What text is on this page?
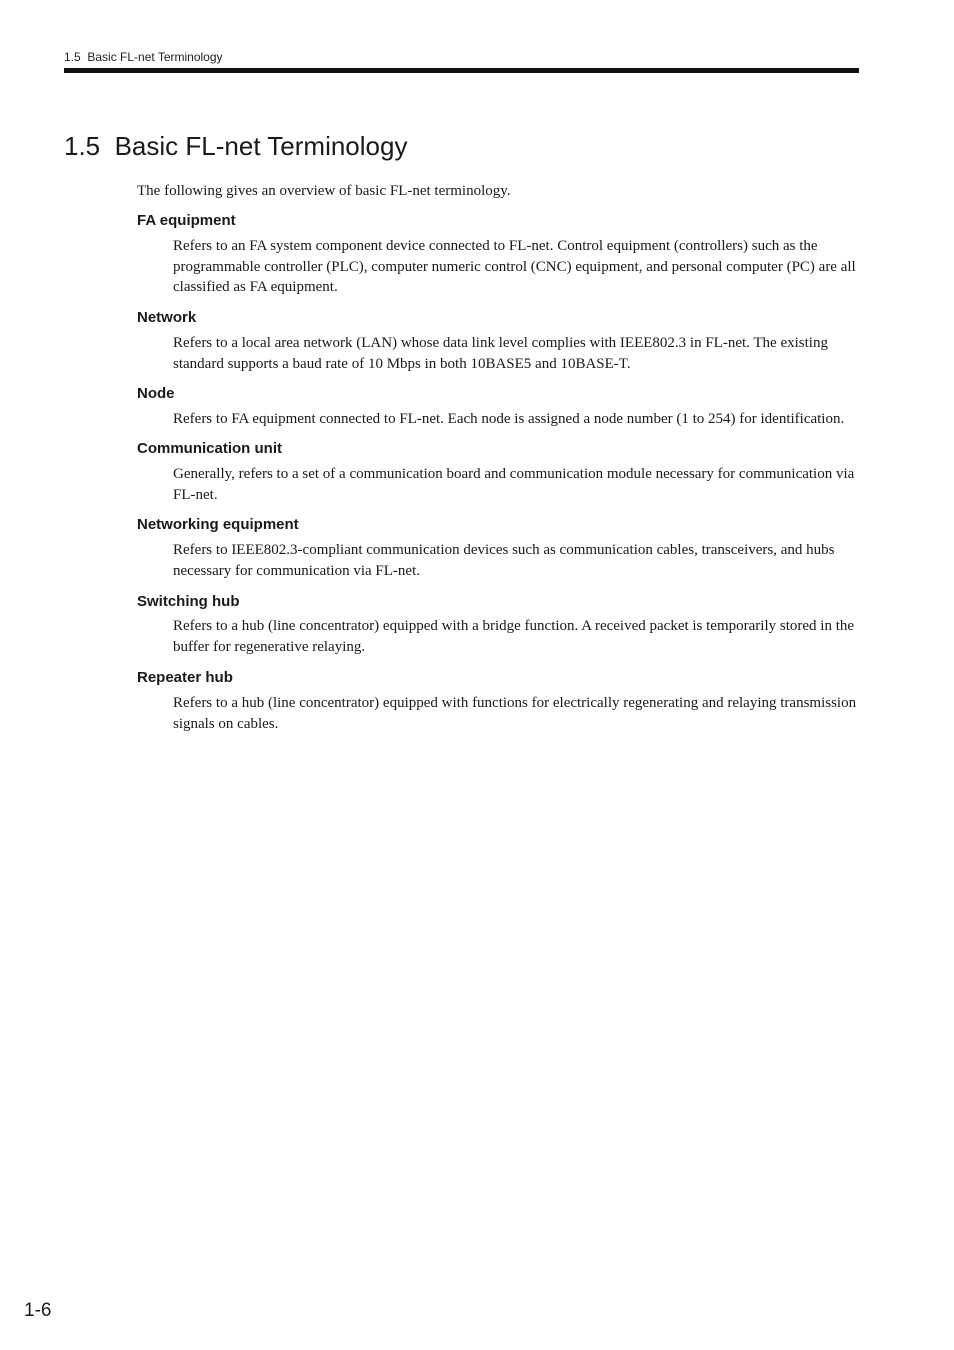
1.5  Basic FL-net Terminology
1.5  Basic FL-net Terminology

The following gives an overview of basic FL-net terminology.

FA equipment

Refers to an FA system component device connected to FL-net. Control equipment (controllers) such as the programmable controller (PLC), computer numeric control (CNC) equipment, and personal computer (PC) are all classified as FA equipment.

Network

Refers to a local area network (LAN) whose data link level complies with IEEE802.3 in FL-net. The existing standard supports a baud rate of 10 Mbps in both 10BASE5 and 10BASE-T.

Node

Refers to FA equipment connected to FL-net. Each node is assigned a node number (1 to 254) for identification.

Communication unit

Generally, refers to a set of a communication board and communication module necessary for communication via FL-net.

Networking equipment

Refers to IEEE802.3-compliant communication devices such as communication cables, transceivers, and hubs necessary for communication via FL-net.

Switching hub

Refers to a hub (line concentrator) equipped with a bridge function. A received packet is temporarily stored in the buffer for regenerative relaying.

Repeater hub

Refers to a hub (line concentrator) equipped with functions for electrically regenerating and relaying transmission signals on cables.

1-6
